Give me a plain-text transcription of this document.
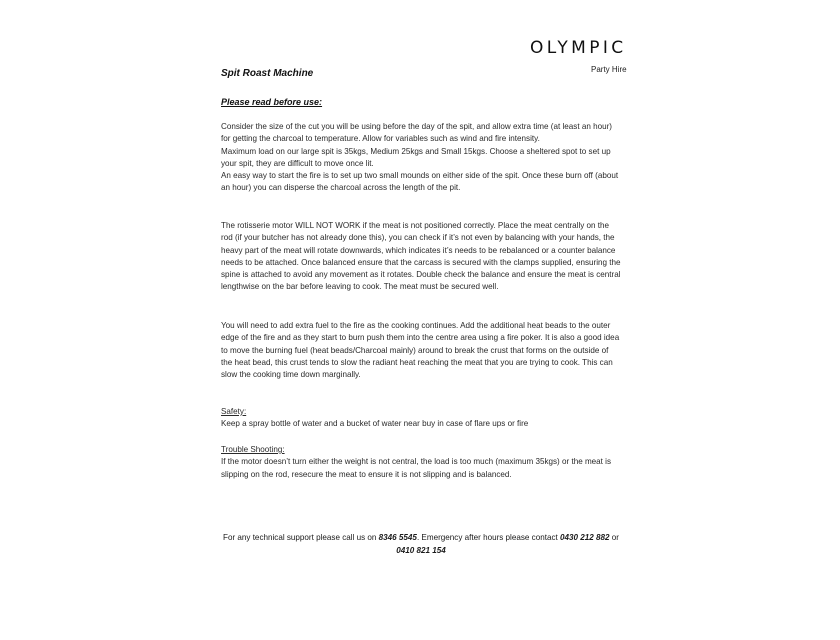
OLYMPIC
Party Hire
Spit Roast Machine
Please read before use:

Consider the size of the cut you will be using before the day of the spit, and allow extra time (at least an hour) for getting the charcoal to temperature. Allow for variables such as wind and fire intensity.

Maximum load on our large spit is 35kgs, Medium 25kgs and Small 15kgs. Choose a sheltered spot to set up your spit, they are difficult to move once lit.

An easy way to start the fire is to set up two small mounds on either side of the spit. Once these burn off (about an hour) you can disperse the charcoal across the length of the pit.

The rotisserie motor WILL NOT WORK if the meat is not positioned correctly. Place the meat centrally on the rod (if your butcher has not already done this), you can check if it’s not even by balancing with your hands, the heavy part of the meat will rotate downwards, which indicates it’s needs to be rebalanced or a counter balance needs to be attached. Once balanced ensure that the carcass is secured with the clamps supplied, ensuring the spine is attached to avoid any movement as it rotates. Double check the balance and ensure the meat is central lengthwise on the bar before leaving to cook. The meat must be secured well.

You will need to add extra fuel to the fire as the cooking continues. Add the additional heat beads to the outer edge of the fire and as they start to burn push them into the centre area using a fire poker. It is also a good idea to move the burning fuel (heat beads/Charcoal mainly) around to break the crust that forms on the outside of the heat bead, this crust tends to slow the radiant heat reaching the meat that you are trying to cook. This can slow the cooking time down marginally.

Safety:

Keep a spray bottle of water and a bucket of water near buy in case of flare ups or fire

Trouble Shooting:

If the motor doesn’t turn either the weight is not central, the load is too much (maximum 35kgs) or the meat is slipping on the rod, resecure the meat to ensure it is not slipping and is balanced.

For any technical support please call us on 8346 5545. Emergency after hours please contact 0430 212 882 or 0410 821 154
